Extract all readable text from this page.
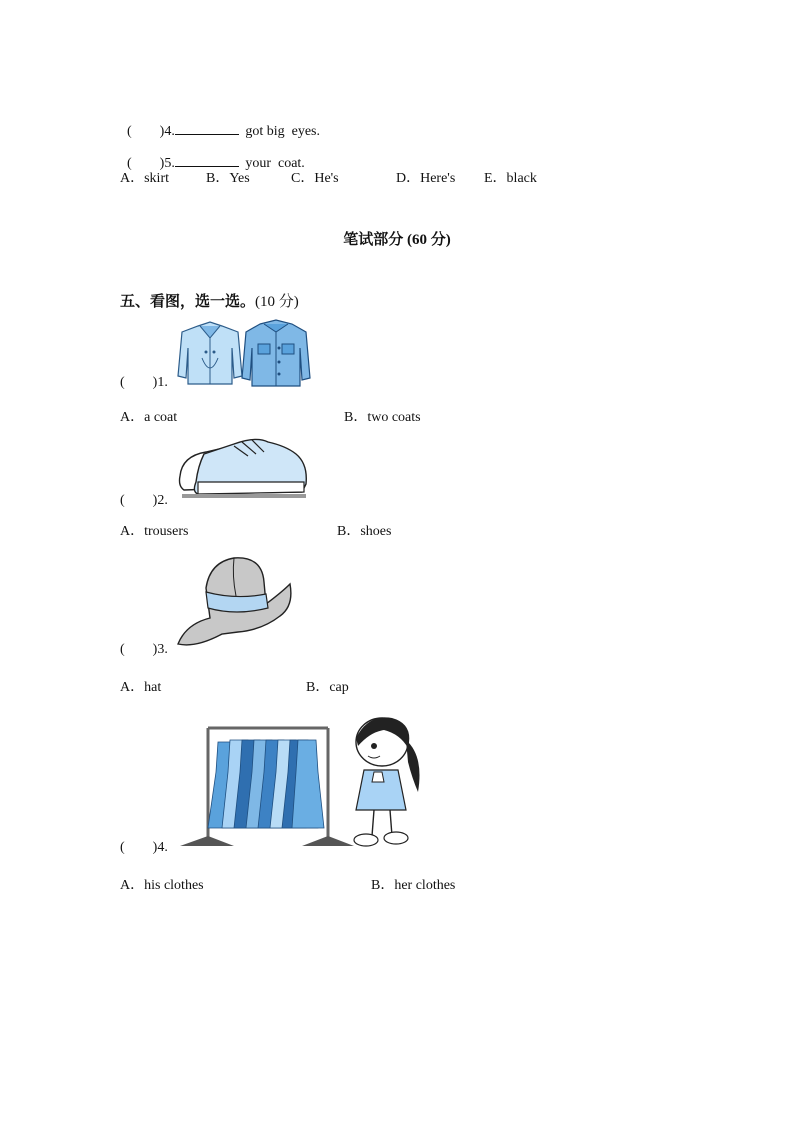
(        )4.	got big  eyes.

(        )5.	your  coat.

A．skirt	B．Yes	C．He's	D．Here's E．black
笔试部分 (60 分)
五、看图，选一选。(10 分)
(        )1.
A．a coat	B．two coats
(        )2.
A．trousers	B．shoes
(        )3.
A．hat	B．cap
(        )4.
A．his clothes	B．her clothes
